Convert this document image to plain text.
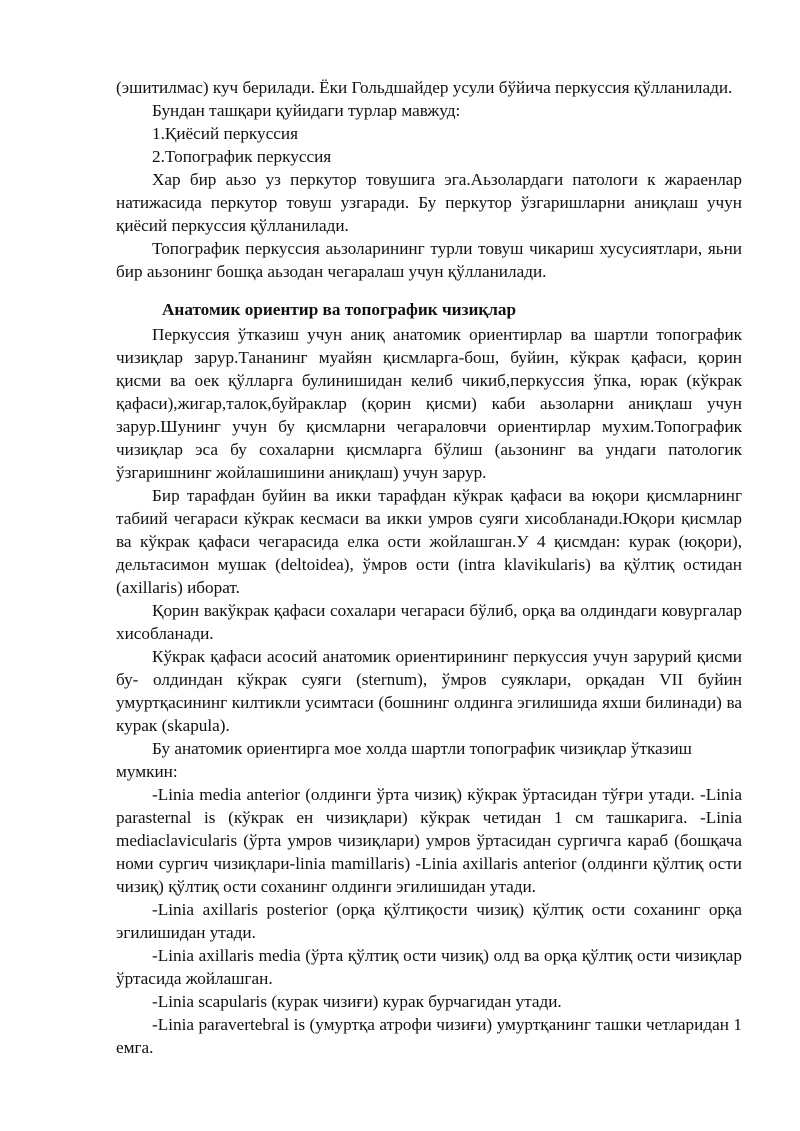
(эшитилмас) куч берилади. Ёки Гольдшайдер усули бўйича перкуссия қўлланилади.

Бундан ташқари қуйидаги турлар мавжуд:

1.Қиёсий перкуссия

2.Топографик перкуссия

Хар бир аьзо уз перкутор товушига эга.Аьзолардаги патологи к жараенлар натижасида перкутор товуш узгаради. Бу перкутор ўзгаришларни аниқлаш учун қиёсий перкуссия қўлланилади.

Топографик перкуссия аьзоларининг турли товуш чикариш хусусиятлари, яьни бир аьзонинг бошқа аьзодан чегаралаш учун қўлланилади.

Анатомик ориентир ва топографик чизиқлар

Перкуссия ўтказиш учун аниқ анатомик ориентирлар ва шартли топографик чизиқлар зарур.Тананинг муайян қисмларга-бош, буйин, кўкрак қафаси, қорин қисми ва оек қўлларга булинишидан келиб чикиб,перкуссия ўпка, юрак (кўкрак қафаси),жигар,талок,буйраклар (қорин қисми) каби аьзоларни аниқлаш учун зарур.Шунинг учун бу қисмларни чегараловчи ориентирлар мухим.Топографик чизиқлар эса бу сохаларни қисмларга бўлиш (аьзонинг ва ундаги патологик ўзгаришнинг жойлашишини аниқлаш) учун зарур.

Бир тарафдан буйин ва икки тарафдан кўкрак қафаси ва юқори қисмларнинг табиий чегараси кўкрак кесмаси ва икки умров суяги хисобланади.Юқори қисмлар ва кўкрак қафаси чегарасида елка ости жойлашган.У 4 қисмдан: курак (юқори), дельтасимон мушак (deltoidea), ўмров ости (intra klavikularis) ва қўлтиқ остидан (axillaris) иборат.

Қорин вакўкрак қафаси сохалари чегараси бўлиб, орқа ва олдиндаги ковургалар хисобланади.

Кўкрак қафаси асосий анатомик ориентирининг перкуссия учун зарурий қисми бу- олдиндан кўкрак суяги (sternum), ўмров суяклари, орқадан VII буйин умуртқасининг килтикли усимтаси (бошнинг олдинга эгилишида яхши билинади) ва курак (skapula).

Бу анатомик ориентирга мое холда шартли топографик чизиқлар ўтказиш мумкин:

-Linia media anterior (олдинги ўрта чизиқ) кўкрак ўртасидан тўғри утади. -Linia parasternal is (кўкрак ен чизиқлари) кўкрак четидан 1 см ташкарига. -Linia mediaclavicularis (ўрта умров чизиқлари) умров ўртасидан сургичга караб (бошқача номи сургич чизиқлари-linia mamillaris) -Linia axillaris anterior (олдинги қўлтиқ ости чизиқ) қўлтиқ ости соханинг олдинги эгилишидан утади.

-Linia axillaris posterior (орқа қўлтиқости чизиқ) қўлтиқ ости соханинг орқа эгилишидан утади.

-Linia axillaris media (ўрта қўлтиқ ости чизиқ) олд ва орқа қўлтиқ ости чизиқлар ўртасида жойлашган.

-Linia scapularis (курак чизиғи) курак бурчагидан утади.

-Linia paravertebral is (умуртқа атрофи чизиғи) умуртқанинг ташки четларидан 1 емга.
